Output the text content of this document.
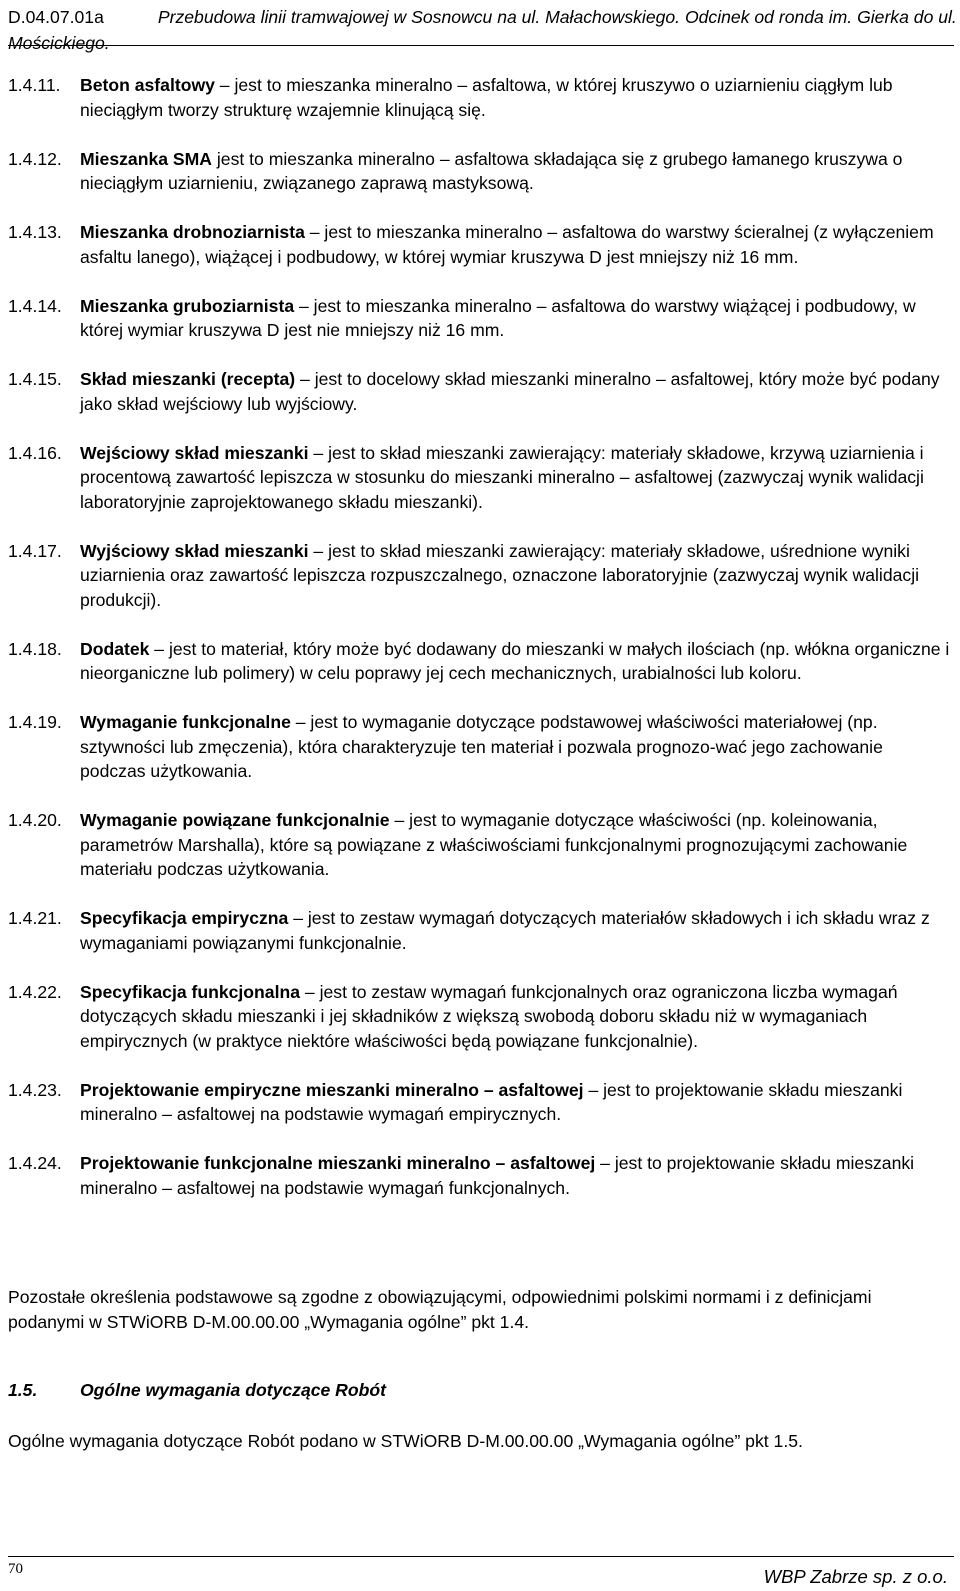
D.04.07.01a	Przebudowa linii tramwajowej w Sosnowcu na ul. Małachowskiego. Odcinek od ronda im. Gierka do ul. Mościckiego.
1.4.11. Beton asfaltowy – jest to mieszanka mineralno – asfaltowa, w której kruszywo o uziarnieniu ciągłym lub nieciągłym tworzy strukturę wzajemnie klinującą się.
1.4.12. Mieszanka SMA jest to mieszanka mineralno – asfaltowa składająca się z grubego łamanego kruszywa o nieciągłym uziarnieniu, związanego zaprawą mastyksową.
1.4.13. Mieszanka drobnoziarnista – jest to mieszanka mineralno – asfaltowa do warstwy ścieralnej (z wyłączeniem asfaltu lanego), wiążącej i podbudowy, w której wymiar kruszywa D jest mniejszy niż 16 mm.
1.4.14. Mieszanka gruboziarnista – jest to mieszanka mineralno – asfaltowa do warstwy wiążącej i podbudowy, w której wymiar kruszywa D jest nie mniejszy niż 16 mm.
1.4.15. Skład mieszanki (recepta) – jest to docelowy skład mieszanki mineralno – asfaltowej, który może być podany jako skład wejściowy lub wyjściowy.
1.4.16. Wejściowy skład mieszanki – jest to skład mieszanki zawierający: materiały składowe, krzywą uziarnienia i procentową zawartość lepiszcza w stosunku do mieszanki mineralno – asfaltowej (zazwyczaj wynik walidacji laboratoryjnie zaprojektowanego składu mieszanki).
1.4.17. Wyjściowy skład mieszanki – jest to skład mieszanki zawierający: materiały składowe, uśrednione wyniki uziarnienia oraz zawartość lepiszcza rozpuszczalnego, oznaczone laboratoryjnie (zazwyczaj wynik walidacji produkcji).
1.4.18. Dodatek – jest to materiał, który może być dodawany do mieszanki w małych ilościach (np. włókna organiczne i nieorganiczne lub polimery) w celu poprawy jej cech mechanicznych, urabialności lub koloru.
1.4.19. Wymaganie funkcjonalne – jest to wymaganie dotyczące podstawowej właściwości materiałowej (np. sztywności lub zmęczenia), która charakteryzuje ten materiał i pozwala prognozo-wać jego zachowanie podczas użytkowania.
1.4.20. Wymaganie powiązane funkcjonalnie – jest to wymaganie dotyczące właściwości (np. koleinowania, parametrów Marshalla), które są powiązane z właściwościami funkcjonalnymi prognozującymi zachowanie materiału podczas użytkowania.
1.4.21. Specyfikacja empiryczna – jest to zestaw wymagań dotyczących materiałów składowych i ich składu wraz z wymaganiami powiązanymi funkcjonalnie.
1.4.22. Specyfikacja funkcjonalna – jest to zestaw wymagań funkcjonalnych oraz ograniczona liczba wymagań dotyczących składu mieszanki i jej składników z większą swobodą doboru składu niż w wymaganiach empirycznych (w praktyce niektóre właściwości będą powiązane funkcjonalnie).
1.4.23. Projektowanie empiryczne mieszanki mineralno – asfaltowej – jest to projektowanie składu mieszanki mineralno – asfaltowej na podstawie wymagań empirycznych.
1.4.24. Projektowanie funkcjonalne mieszanki mineralno – asfaltowej – jest to projektowanie składu mieszanki mineralno – asfaltowej na podstawie wymagań funkcjonalnych.
Pozostałe określenia podstawowe są zgodne z obowiązującymi, odpowiednimi polskimi normami i z definicjami podanymi w STWiORB D-M.00.00.00 „Wymagania ogólne” pkt 1.4.
1.5. Ogólne wymagania dotyczące Robót
Ogólne wymagania dotyczące Robót podano w STWiORB D-M.00.00.00 „Wymagania ogólne” pkt 1.5.
70	WBP Zabrze sp. z o.o.
